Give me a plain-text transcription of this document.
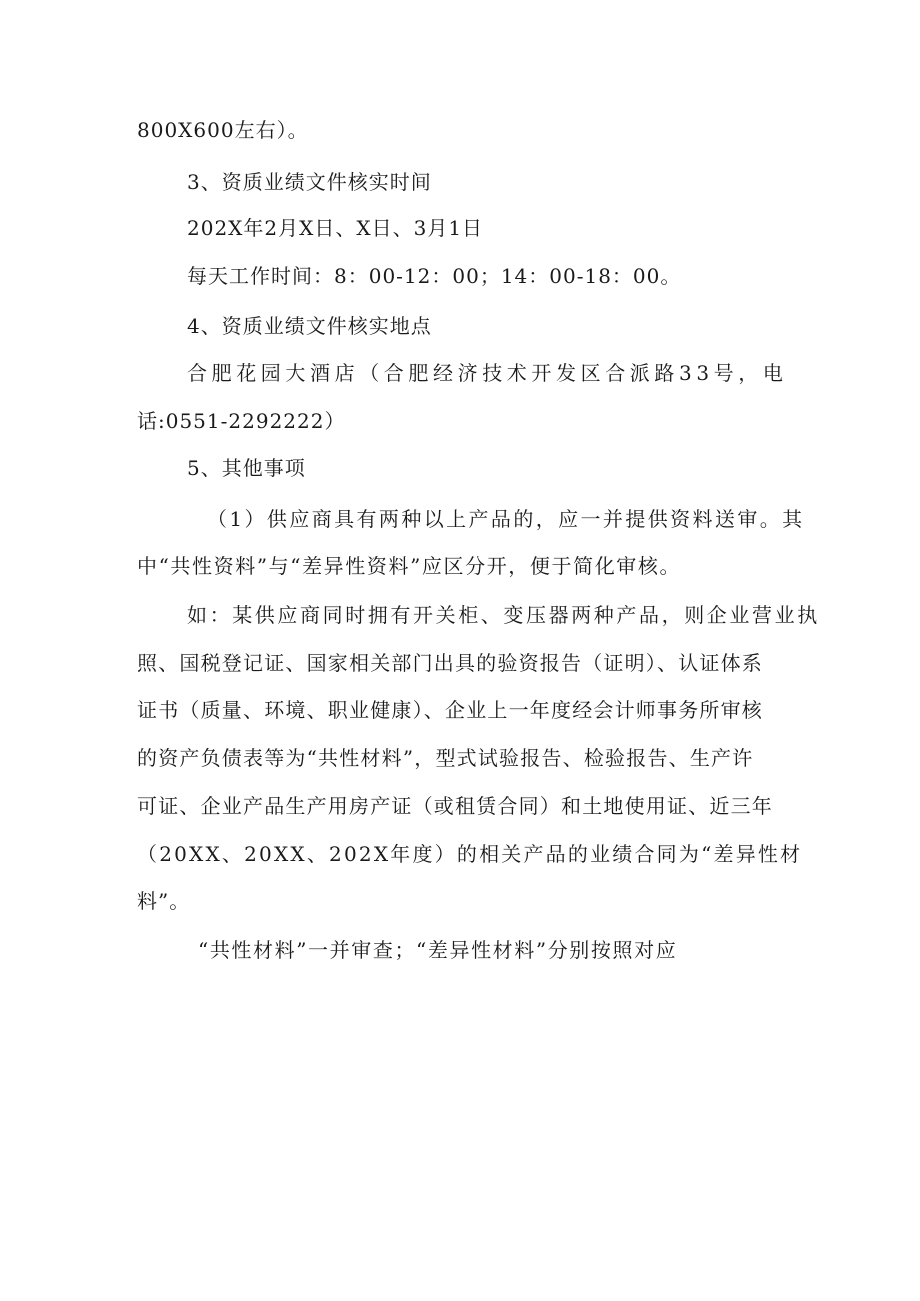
800X600左右）。
3、资质业绩文件核实时间
202X年2月X日、X日、3月1日
每天工作时间：8：00-12：00；14：00-18：00。
4、资质业绩文件核实地点
合肥花园大酒店（合肥经济技术开发区合派路33号，电
话:0551-2292222）
5、其他事项
（1）供应商具有两种以上产品的，应一并提供资料送审。其
中“共性资料”与“差异性资料”应区分开，便于简化审核。
如：某供应商同时拥有开关柜、变压器两种产品，则企业营业执
照、国税登记证、国家相关部门出具的验资报告（证明）、认证体系
证书（质量、环境、职业健康）、企业上一年度经会计师事务所审核
的资产负债表等为“共性材料”，型式试验报告、检验报告、生产许
可证、企业产品生产用房产证（或租赁合同）和土地使用证、近三年
（20XX、20XX、202X年度）的相关产品的业绩合同为“差异性材
料”。
“共性材料”一并审查；“差异性材料”分别按照对应
